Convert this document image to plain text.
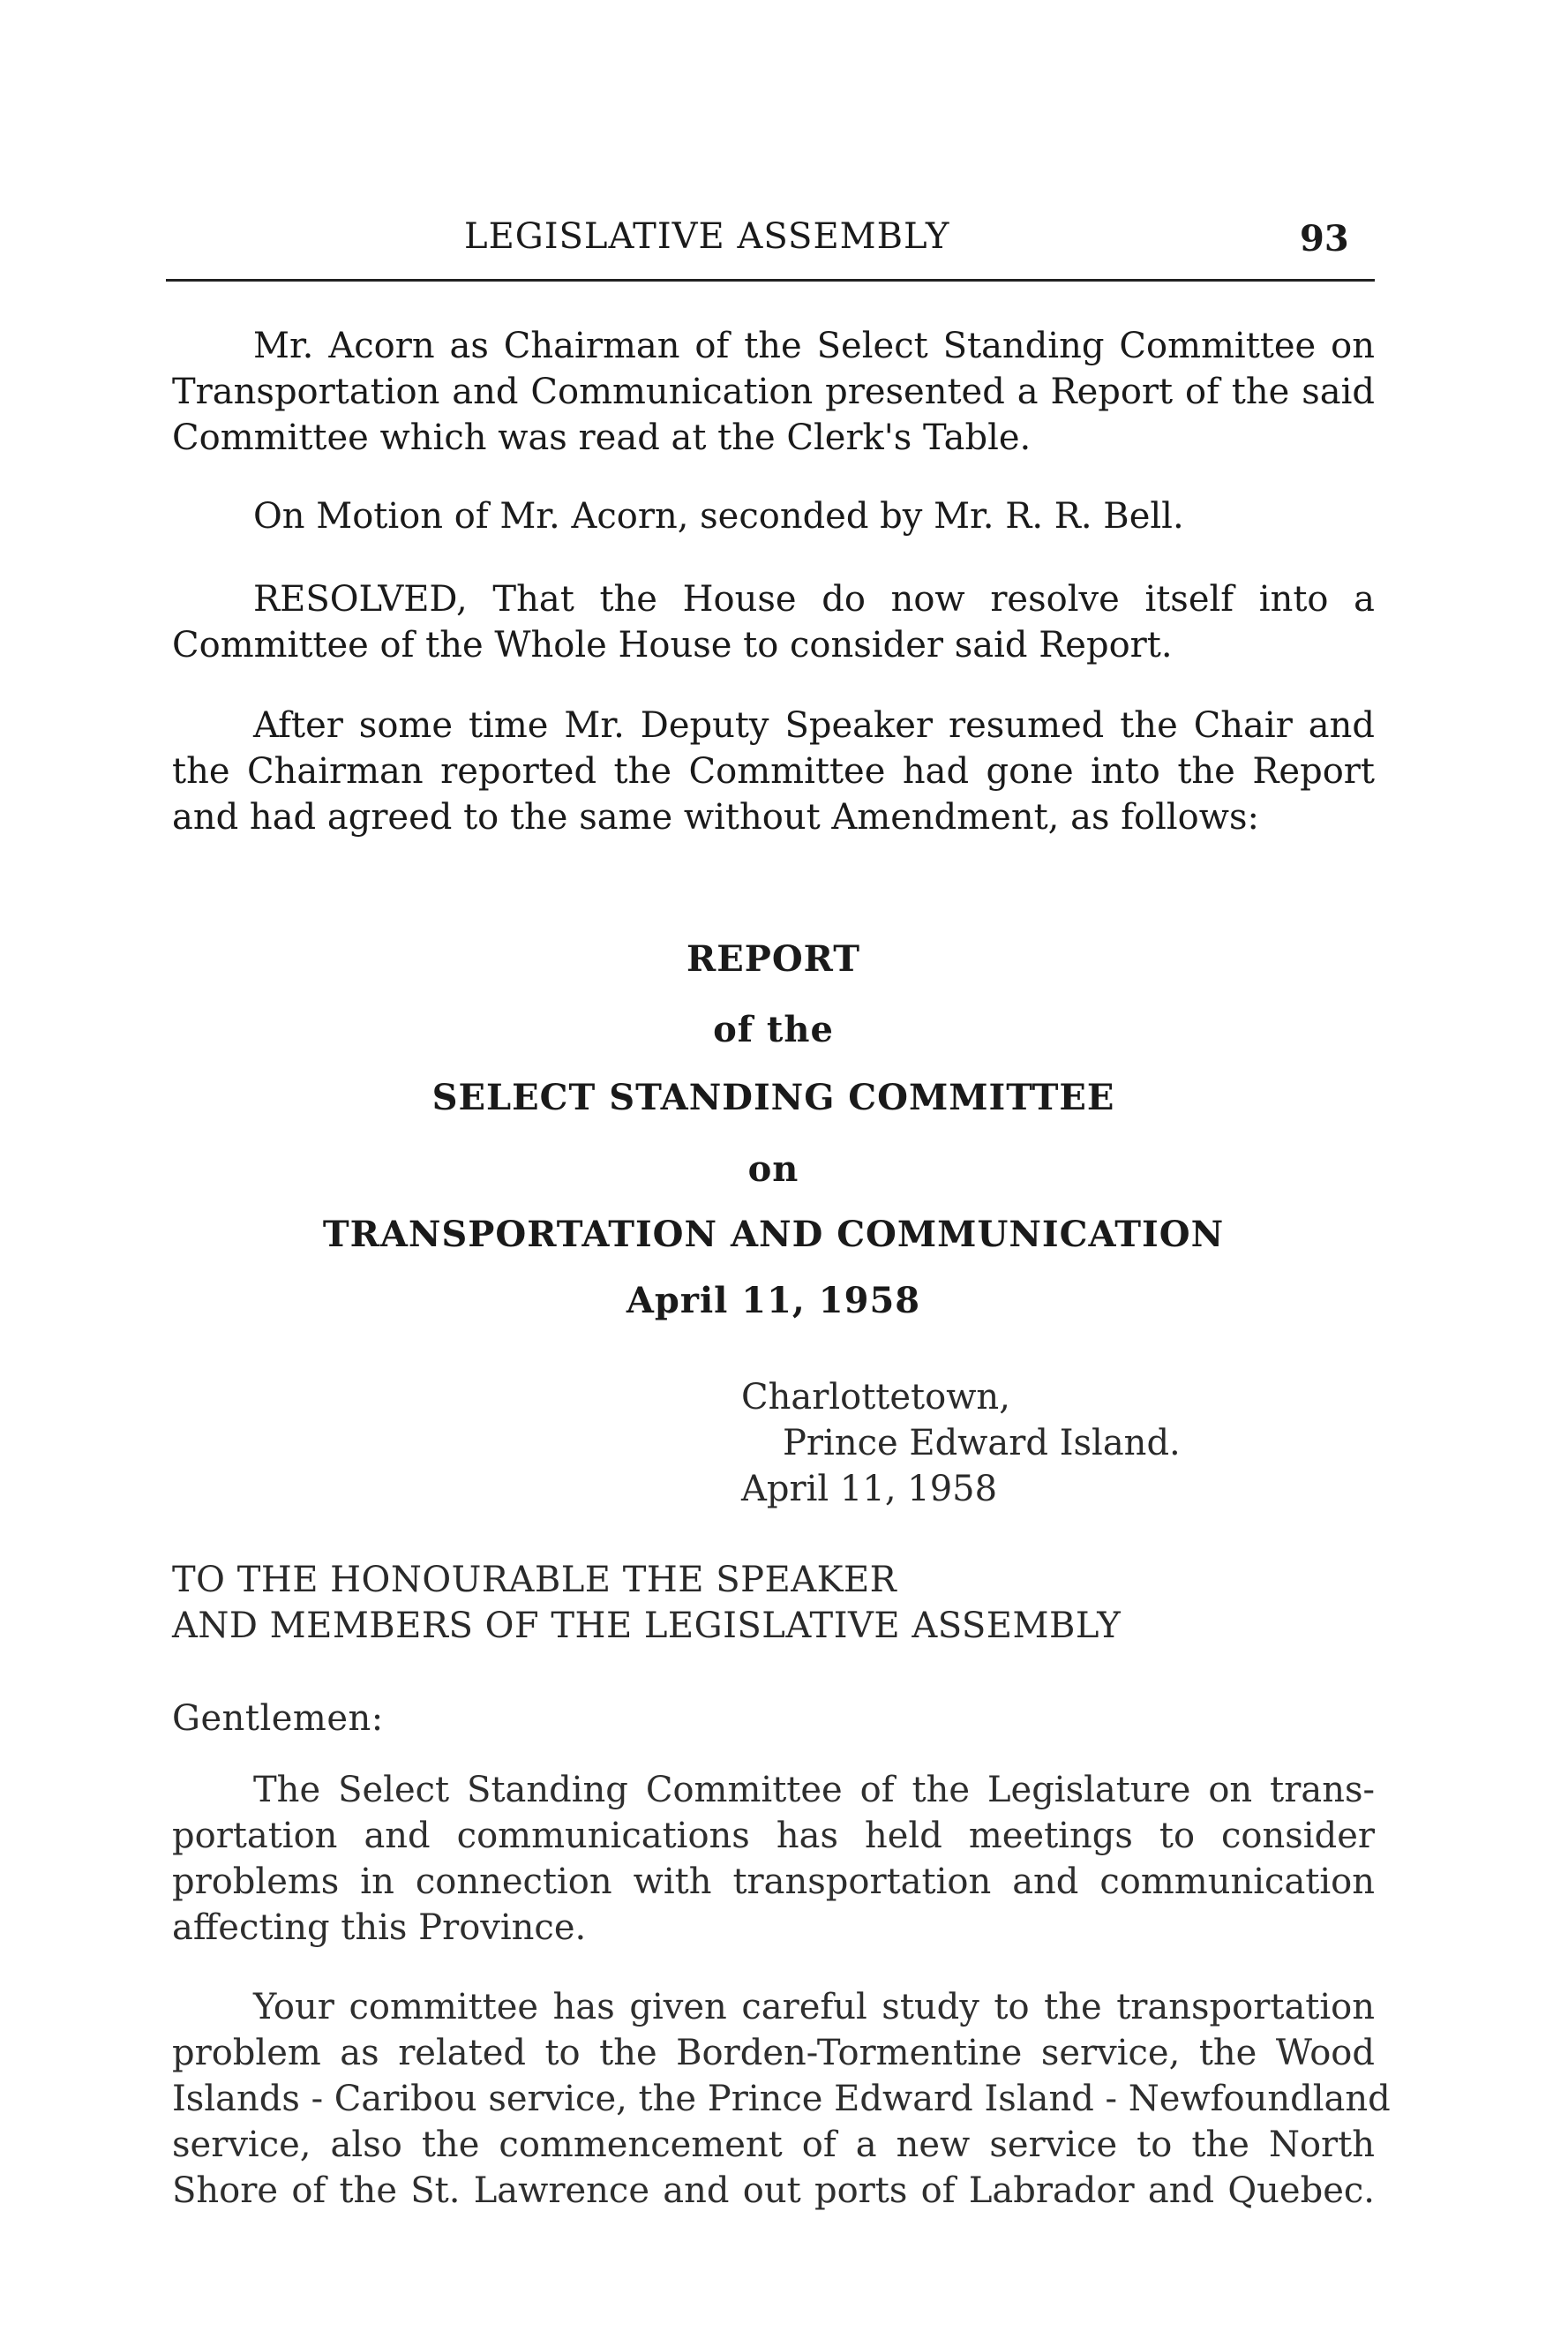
LEGISLATIVE ASSEMBLY	93
Mr. Acorn as Chairman of the Select Standing Committee on
Transportation and Communication presented a Report of the said
Committee which was read at the Clerk's Table.
On Motion of Mr. Acorn, seconded by Mr. R. R. Bell.
RESOLVED, That the House do now resolve itself into a
Committee of the Whole House to consider said Report.
After some time Mr. Deputy Speaker resumed the Chair and
the Chairman reported the Committee had gone into the Report
and had agreed to the same without Amendment, as follows:
REPORT
of the
SELECT STANDING COMMITTEE
on
TRANSPORTATION AND COMMUNICATION
April 11, 1958
Charlottetown,
Prince Edward Island.
April 11, 1958
TO THE HONOURABLE THE SPEAKER
AND MEMBERS OF THE LEGISLATIVE ASSEMBLY
Gentlemen:
The Select Standing Committee of the Legislature on trans-
portation and communications has held meetings to consider
problems in connection with transportation and communication
affecting this Province.
Your committee has given careful study to the transportation
problem as related to the Borden-Tormentine service, the Wood
Islands - Caribou service, the Prince Edward Island - Newfoundland
service, also the commencement of a new service to the North
Shore of the St. Lawrence and out ports of Labrador and Quebec.
